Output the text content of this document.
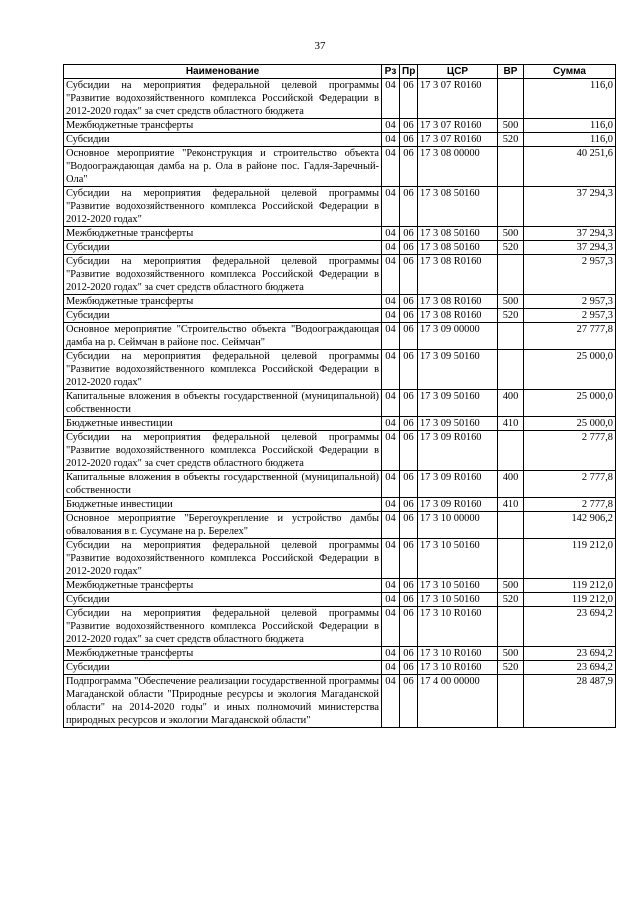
37
Наименование	Рз	Пр	ЦСР	ВР	Сумма
Субсидии на мероприятия федеральной целевой программы "Развитие водохозяйственного комплекса Российской Федерации в 2012-2020 годах" за счет средств областного бюджета	04	06	17 3 07 R0160		116,0
Межбюджетные трансферты	04	06	17 3 07 R0160	500	116,0
Субсидии	04	06	17 3 07 R0160	520	116,0
Основное мероприятие "Реконструкция и строительство объекта "Водоограждающая дамба на р. Ола в районе пос. Гадля-Заречный-Ола"	04	06	17 3 08 00000		40 251,6
Субсидии на мероприятия федеральной целевой программы "Развитие водохозяйственного комплекса Российской Федерации в 2012-2020 годах"	04	06	17 3 08 50160		37 294,3
Межбюджетные трансферты	04	06	17 3 08 50160	500	37 294,3
Субсидии	04	06	17 3 08 50160	520	37 294,3
Субсидии на мероприятия федеральной целевой программы "Развитие водохозяйственного комплекса Российской Федерации в 2012-2020 годах" за счет средств областного бюджета	04	06	17 3 08 R0160		2 957,3
Межбюджетные трансферты	04	06	17 3 08 R0160	500	2 957,3
Субсидии	04	06	17 3 08 R0160	520	2 957,3
Основное мероприятие "Строительство объекта "Водоограждающая дамба на р. Сеймчан в районе пос. Сеймчан"	04	06	17 3 09 00000		27 777,8
Субсидии на мероприятия федеральной целевой программы "Развитие водохозяйственного комплекса Российской Федерации в 2012-2020 годах"	04	06	17 3 09 50160		25 000,0
Капитальные вложения в объекты государственной (муниципальной) собственности	04	06	17 3 09 50160	400	25 000,0
Бюджетные инвестиции	04	06	17 3 09 50160	410	25 000,0
Субсидии на мероприятия федеральной целевой программы "Развитие водохозяйственного комплекса Российской Федерации в 2012-2020 годах" за счет средств областного бюджета	04	06	17 3 09 R0160		2 777,8
Капитальные вложения в объекты государственной (муниципальной) собственности	04	06	17 3 09 R0160	400	2 777,8
Бюджетные инвестиции	04	06	17 3 09 R0160	410	2 777,8
Основное мероприятие "Берегоукрепление и устройство дамбы обвалования в г. Сусумане на р. Берелех"	04	06	17 3 10 00000		142 906,2
Субсидии на мероприятия федеральной целевой программы "Развитие водохозяйственного комплекса Российской Федерации в 2012-2020 годах"	04	06	17 3 10 50160		119 212,0
Межбюджетные трансферты	04	06	17 3 10 50160	500	119 212,0
Субсидии	04	06	17 3 10 50160	520	119 212,0
Субсидии на мероприятия федеральной целевой программы "Развитие водохозяйственного комплекса Российской Федерации в 2012-2020 годах" за счет средств областного бюджета	04	06	17 3 10 R0160		23 694,2
Межбюджетные трансферты	04	06	17 3 10 R0160	500	23 694,2
Субсидии	04	06	17 3 10 R0160	520	23 694,2
Подпрограмма "Обеспечение реализации государственной программы Магаданской области "Природные ресурсы и экология Магаданской области" на 2014-2020 годы" и иных полномочий министерства природных ресурсов и экологии Магаданской области"	04	06	17 4 00 00000		28 487,9
